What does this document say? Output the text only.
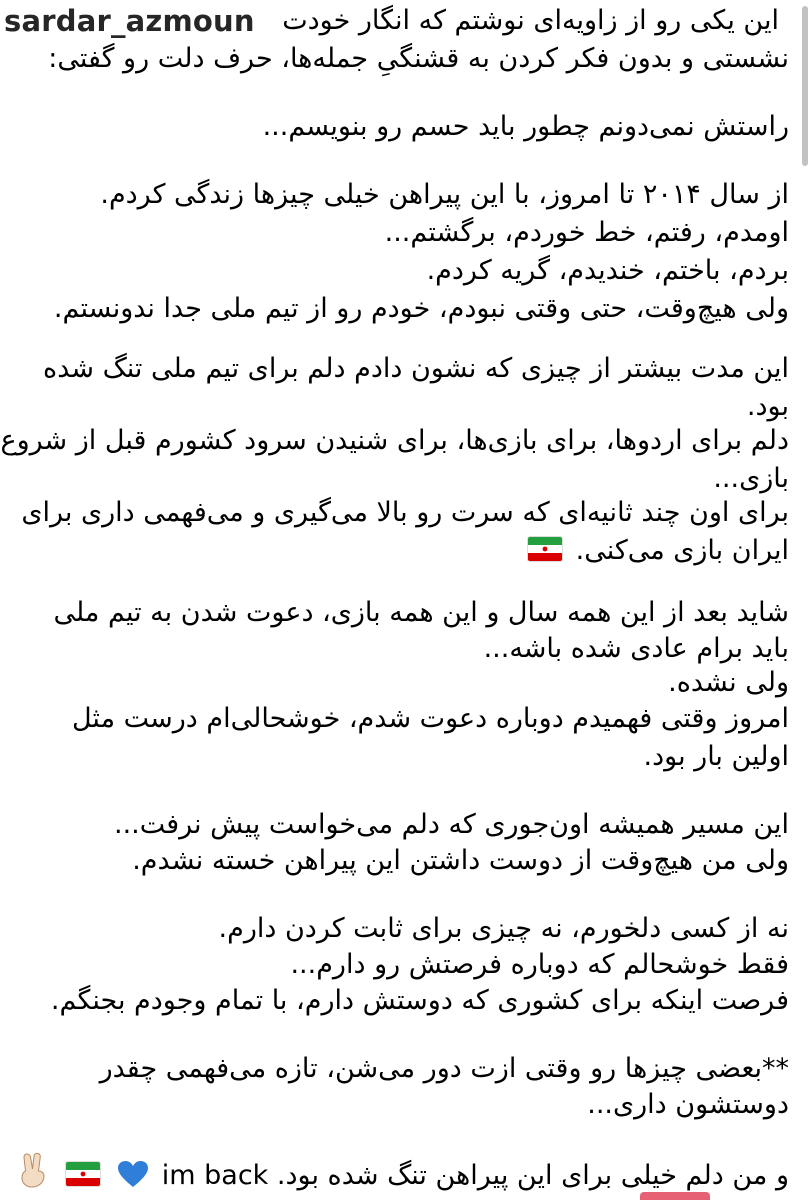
sardar_azmoun این یکی رو از زاویه‌ای نوشتم که انگار خودت
نشستی و بدون فکر کردن به قشنگیِ جمله‌ها، حرف دلت رو گفتی:
راستش نمی‌دونم چطور باید حسم رو بنویسم...
از سال ۲۰۱۴ تا امروز، با این پیراهن خیلی چیزها زندگی کردم.
اومدم، رفتم، خط خوردم، برگشتم...
بردم، باختم، خندیدم، گریه کردم.
ولی هیچ‌وقت، حتی وقتی نبودم، خودم رو از تیم ملی جدا ندونستم.
این مدت بیشتر از چیزی که نشون دادم دلم برای تیم ملی تنگ شده
بود.
دلم برای اردوها، برای بازی‌ها، برای شنیدن سرود کشورم قبل از شروع
بازی...
برای اون چند ثانیه‌ای که سرت رو بالا می‌گیری و می‌فهمی داری برای
ایران بازی می‌کنی.
شاید بعد از این همه سال و این همه بازی، دعوت شدن به تیم ملی
باید برام عادی شده باشه...
ولی نشده.
امروز وقتی فهمیدم دوباره دعوت شدم، خوشحالی‌ام درست مثل
اولین بار بود.
این مسیر همیشه اون‌جوری که دلم می‌خواست پیش نرفت...
ولی من هیچ‌وقت از دوست داشتن این پیراهن خسته نشدم.
نه از کسی دلخورم، نه چیزی برای ثابت کردن دارم.
فقط خوشحالم که دوباره فرصتش رو دارم...
فرصت اینکه برای کشوری که دوستش دارم، با تمام وجودم بجنگم.
**بعضی چیزها رو وقتی ازت دور می‌شن، تازه می‌فهمی چقدر
دوستشون داری...
و من دلم خیلی برای این پیراهن تنگ شده بود. im back
